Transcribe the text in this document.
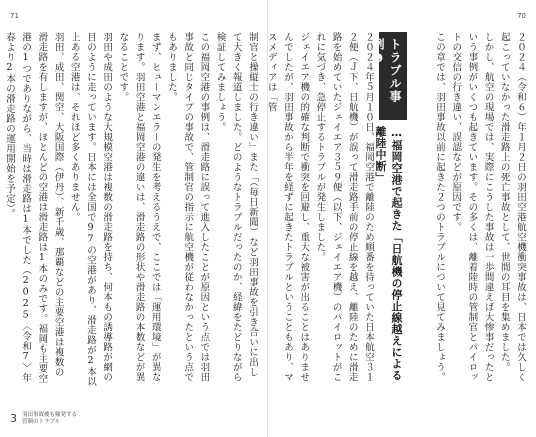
71
制官と操縦士の行き違い」また「（毎日新聞）など羽田事故を引き合いに出して大きく報道しました。どのようなトラブルだったのか、経緯をたどりながら検証してみましょう。
この福岡空港の事例は、滑走路に誤って進入したことが原因という点では羽田事故と同じタイプの事故で、管制官の指示に航空機が従わなかったという点でもありました。
まず、ヒューマンエラーの発生を考えるうえで、ここでは「運用環境」が異なります。羽田空港と福岡空港の違いは、滑走路の形状や滑走路の本数などが異なることです。
羽田や成田のような大規模空港は複数の滑走路を持ち、何本もの誘導路が網の目のように走っています。日本には全国で97の空港があり、滑走路が2本以上ある空港は、それほど多くありません。
羽田、成田、関空、大阪国際（伊丹）、新千歳、那覇などの主要空港は複数の滑走路を有しますが、ほとんどの空港は滑走路は1本のみです。福岡も主要空港の1つでありながら、当時は滑走路は1本でした（2025〈令和7〉年春より2本の滑走路の運用開始を予定）。
3 羽田事故後も頻発する
管制のトラブル
70
２０２４（令和６）年１月２日の羽田空港航空機衝突事故は、日本では久しく起こっていなかった滑走路上の死亡事故として、世間の耳目を集めました。
しかし、航空の現場では、実際にこうした事故は一歩間違えば大惨事だったという事例がいくつも起きています。その多くは、離着陸時の管制官とパイロットの交信の行き違い、誤認などが原因です。
この章では、羽田事故以前に起きた２つのトラブルについて見てみましょう。
トラブル事例❶
…福岡空港で起きた「日航機の停止線越えによる離陸中断」
２０２４年５月１０日、福岡空港で離陸のため順番を待っていた日本航空３１２便（Ｊ下、日航機）が誤って滑走路手前の停止線を越え、離陸のために滑走路を始めていたジェイエア３５９便（以下、ジェイエア機）のパイロットがこれに気づき、急停止するトラブルが発生しました。
ジェイエア機の的確な判断で衝突を回避し、重大な被害が出ることはありませんでしたが、羽田事故から半年を経ずに起きたトラブルということもあり、マスメディアは「管
